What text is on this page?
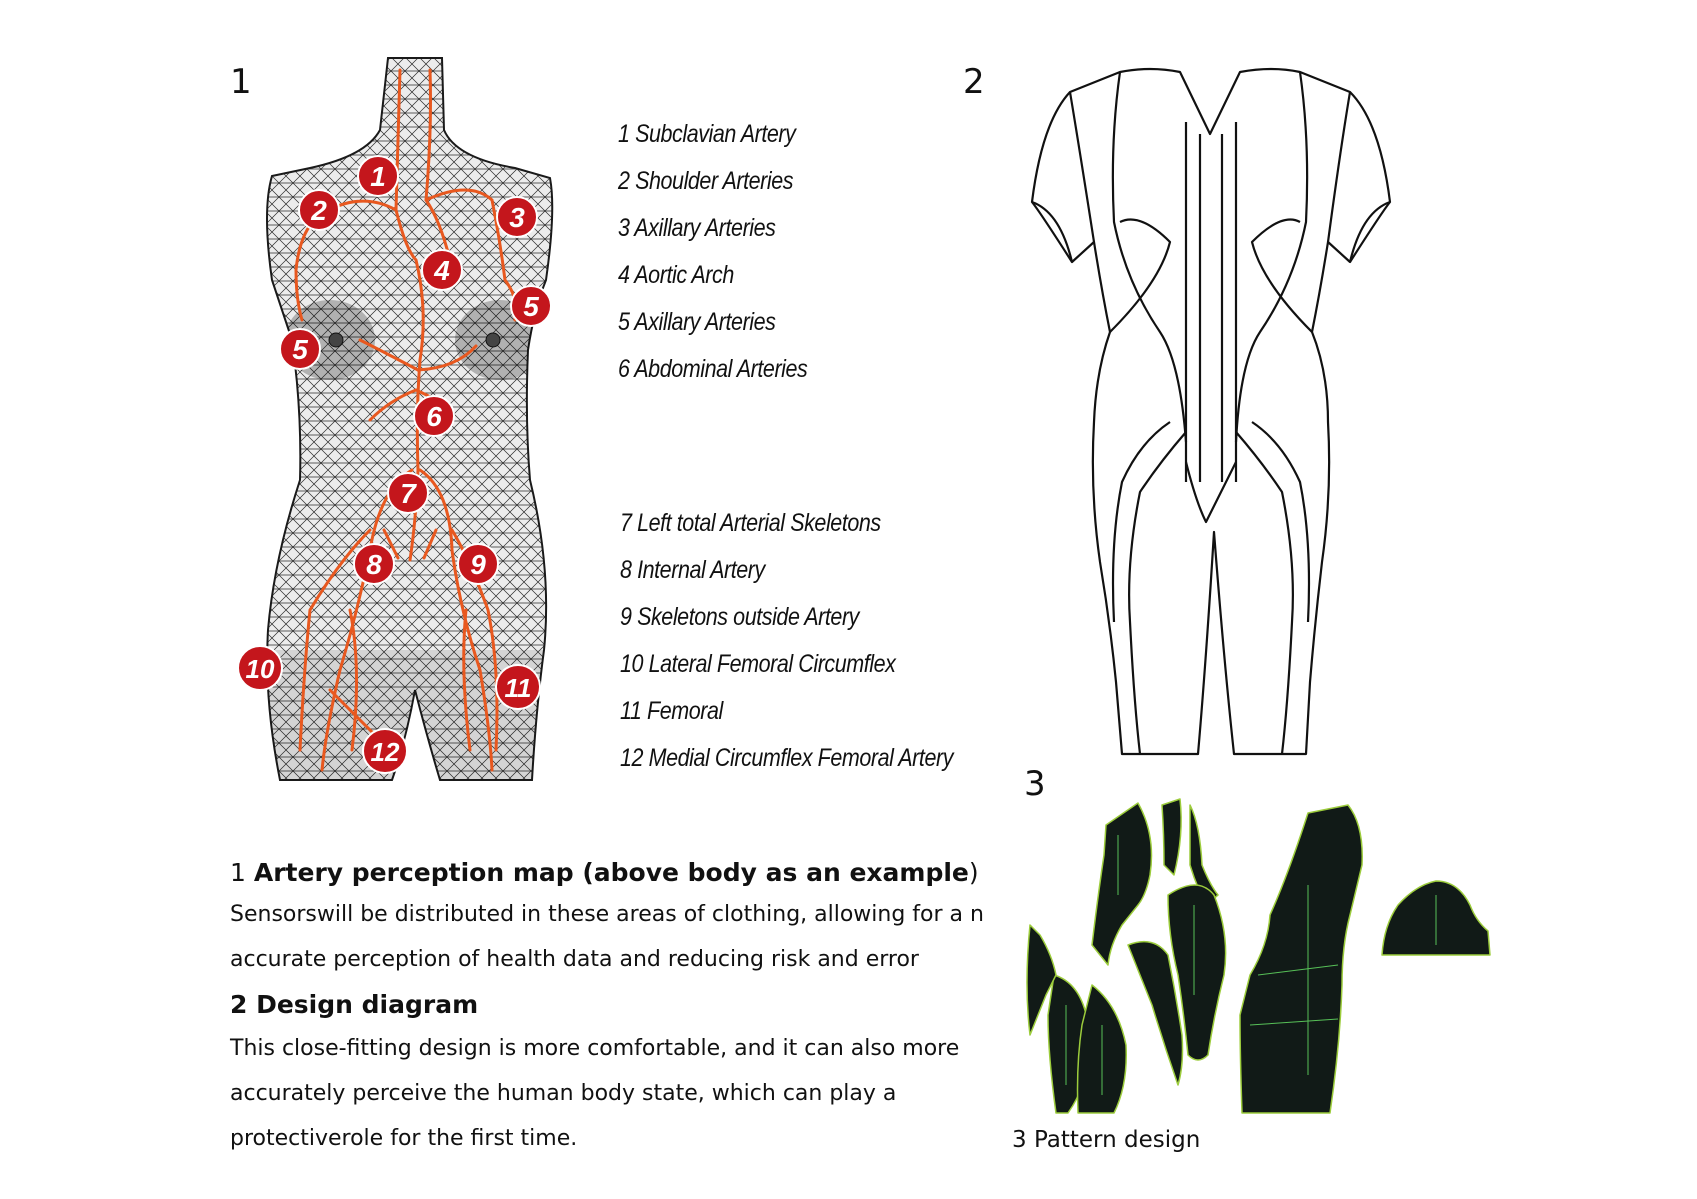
1	2
3
1
2	3
4
5
5
6
7
8	9
10
11
12
1 Subclavian Artery
2 Shoulder Arteries
3 Axillary Arteries
4 Aortic Arch
5 Axillary Arteries
6 Abdominal Arteries
7 Left total Arterial Skeletons
8 Internal Artery
9 Skeletons outside Artery
10 Lateral Femoral Circumflex
11 Femoral
12 Medial Circumflex Femoral Artery
1 Artery perception map (above body as an example)
Sensorswill be distributed in these areas of clothing, allowing for a n
accurate perception of health data and reducing risk and error
2 Design diagram
This close-fitting design is more comfortable, and it can also more
accurately perceive the human body state, which can play a
protectiverole for the first time.	3 Pattern design
